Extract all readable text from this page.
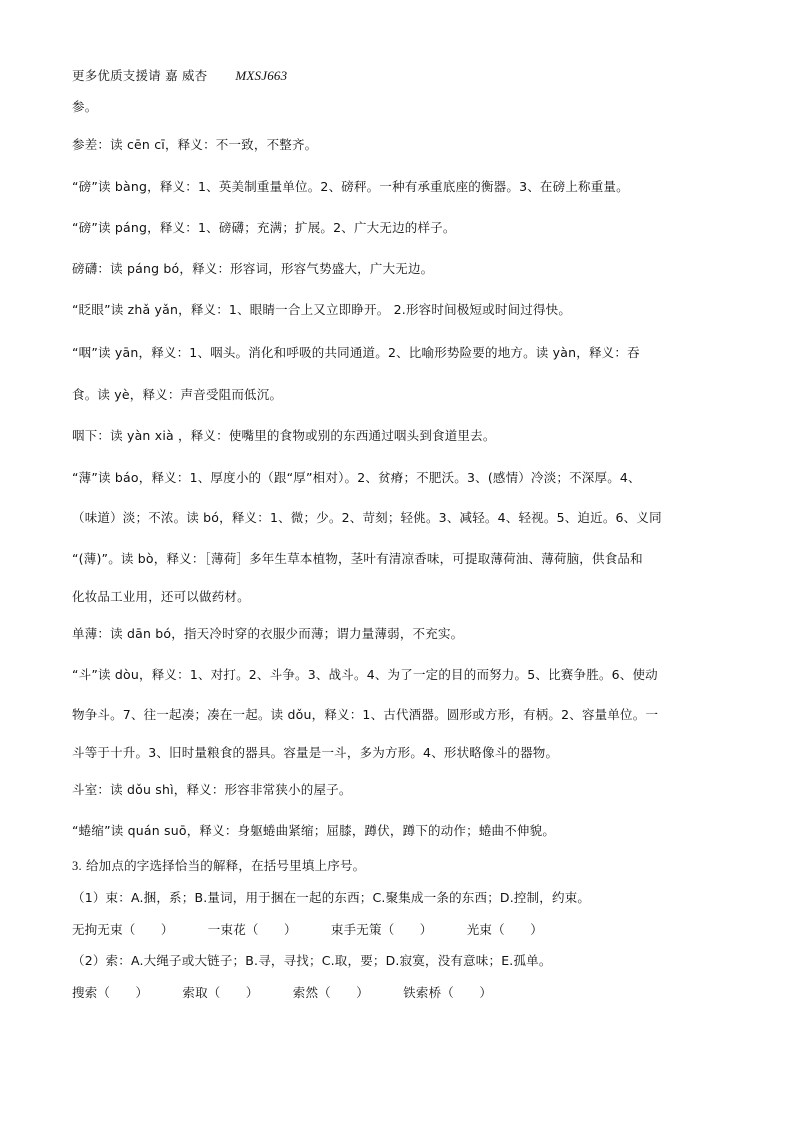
更多优质支援请 嘉 威杏 MXSJ663
参。
参差：读 cēn cī，释义：不一致，不整齐。
“磅”读 bàng，释义：1、英美制重量单位。2、磅秤。一种有承重底座的衡器。3、在磅上称重量。
“磅”读 páng，释义：1、磅礴；充满；扩展。2、广大无边的样子。
磅礴：读 páng bó，释义：形容词，形容气势盛大，广大无边。
“眨眼”读 zhǎ yǎn，释义：1、眼睛一合上又立即睁开。 2.形容时间极短或时间过得快。
“咽”读 yān，释义：1、咽头。消化和呼吸的共同通道。2、比喻形势险要的地方。读 yàn，释义：吞
食。读 yè，释义：声音受阻而低沉。
咽下：读 yàn xià ，释义：使嘴里的食物或别的东西通过咽头到食道里去。
“薄”读 báo，释义：1、厚度小的（跟“厚”相对）。2、贫瘠；不肥沃。3、(感情）冷淡；不深厚。4、
（味道）淡；不浓。读 bó，释义：1、微；少。2、苛刻；轻佻。3、减轻。4、轻视。5、迫近。6、义同
“(薄)”。读 bò，释义：［薄荷］多年生草本植物，茎叶有清凉香味，可提取薄荷油、薄荷脑，供食品和
化妆品工业用，还可以做药材。
单薄：读 dān bó，指天冷时穿的衣服少而薄；谓力量薄弱，不充实。
“斗”读 dòu，释义：1、对打。2、斗争。3、战斗。4、为了一定的目的而努力。5、比赛争胜。6、使动
物争斗。7、往一起凑；凑在一起。读 dǒu，释义：1、古代酒器。圆形或方形，有柄。2、容量单位。一
斗等于十升。3、旧时量粮食的器具。容量是一斗，多为方形。4、形状略像斗的器物。
斗室：读 dǒu shì，释义：形容非常狭小的屋子。
“蜷缩”读 quán suō，释义：身躯蜷曲紧缩；屈膝，蹲伏，蹲下的动作；蜷曲不伸貌。
3. 给加点的字选择恰当的解释，在括号里填上序号。
（1）束：A.捆，系；B.量词，用于捆在一起的东西；C.聚集成一条的东西；D.控制，约束。
无拘无束（　　）	一束花（　　）	束手无策（　　）	光束（　　）
（2）索：A.大绳子或大链子；B.寻，寻找；C.取，要；D.寂寞，没有意味；E.孤单。
搜索（　　）	索取（　　）	索然（　　）	铁索桥（　　）
